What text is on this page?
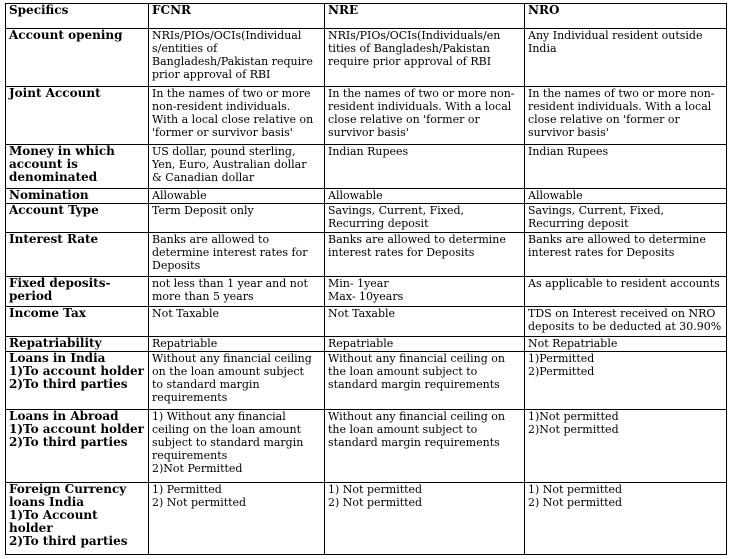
Specifics	FCNR	NRE	NRO

Account opening	NRIs/PIOs/OCIs(Individual
s/entities of
Bangladesh/Pakistan require
prior approval of RBI	NRIs/PIOs/OCIs(Individuals/en
tities of Bangladesh/Pakistan
require prior approval of RBI	Any Individual resident outside
India

Joint Account	In the names of two or more
non-resident individuals.
With a local close relative on
'former or survivor basis'	In the names of two or more non-
resident individuals. With a local
close relative on 'former or
survivor basis'	In the names of two or more non-
resident individuals. With a local
close relative on 'former or
survivor basis'

Money in which
account is
denominated	US dollar, pound sterling,
Yen, Euro, Australian dollar
& Canadian dollar	Indian Rupees	Indian Rupees

Nomination	Allowable	Allowable	Allowable

Account Type	Term Deposit only	Savings, Current, Fixed,
Recurring deposit	Savings, Current, Fixed,
Recurring deposit

Interest Rate	Banks are allowed to
determine interest rates for
Deposits	Banks are allowed to determine
interest rates for Deposits	Banks are allowed to determine
interest rates for Deposits

Fixed deposits-
period	not less than 1 year and not
more than 5 years	Min- 1year
Max- 10years	As applicable to resident accounts

Income Tax	Not Taxable	Not Taxable	TDS on Interest received on NRO
deposits to be deducted at 30.90%

Repatriability	Repatriable	Repatriable	Not Repatriable

Loans in India
1)To account holder
2)To third parties	Without any financial ceiling
on the loan amount subject
to standard margin
requirements	Without any financial ceiling on
the loan amount subject to
standard margin requirements	1)Permitted
2)Permitted

Loans in Abroad
1)To account holder
2)To third parties	1) Without any financial
ceiling on the loan amount
subject to standard margin
requirements
2)Not Permitted	Without any financial ceiling on
the loan amount subject to
standard margin requirements	1)Not permitted
2)Not permitted

Foreign Currency
loans India
1)To Account
holder
2)To third parties	1) Permitted
2) Not permitted	1) Not permitted
2) Not permitted	1) Not permitted
2) Not permitted
